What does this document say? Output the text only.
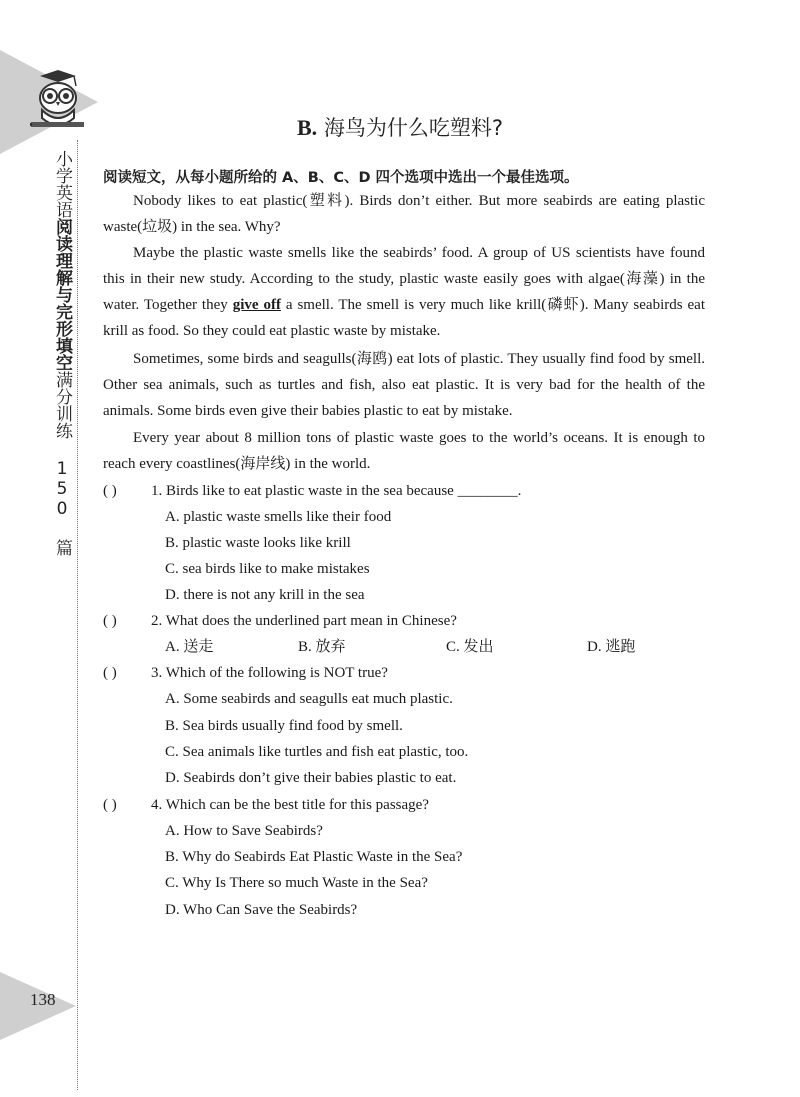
小学英语阅读理解与完形填空满分训练 150 篇
138
B. 海鸟为什么吃塑料?
阅读短文，从每小题所给的 A、B、C、D 四个选项中选出一个最佳选项。
Nobody likes to eat plastic(塑料). Birds don’t either. But more seabirds are eating plastic waste(垃圾) in the sea. Why?
Maybe the plastic waste smells like the seabirds’ food. A group of US scientists have found this in their new study. According to the study, plastic waste easily goes with algae(海藻) in the water. Together they give off a smell. The smell is very much like krill(磷虾). Many seabirds eat krill as food. So they could eat plastic waste by mistake.
Sometimes, some birds and seagulls(海鸥) eat lots of plastic. They usually find food by smell. Other sea animals, such as turtles and fish, also eat plastic. It is very bad for the health of the animals. Some birds even give their babies plastic to eat by mistake.
Every year about 8 million tons of plastic waste goes to the world’s oceans. It is enough to reach every coastlines(海岸线) in the world.
( ) 1. Birds like to eat plastic waste in the sea because ________.
A. plastic waste smells like their food
B. plastic waste looks like krill
C. sea birds like to make mistakes
D. there is not any krill in the sea
( ) 2. What does the underlined part mean in Chinese?
A. 送走	B. 放弃	C. 发出	D. 逃跑
( ) 3. Which of the following is NOT true?
A. Some seabirds and seagulls eat much plastic.
B. Sea birds usually find food by smell.
C. Sea animals like turtles and fish eat plastic, too.
D. Seabirds don’t give their babies plastic to eat.
( ) 4. Which can be the best title for this passage?
A. How to Save Seabirds?
B. Why do Seabirds Eat Plastic Waste in the Sea?
C. Why Is There so much Waste in the Sea?
D. Who Can Save the Seabirds?
